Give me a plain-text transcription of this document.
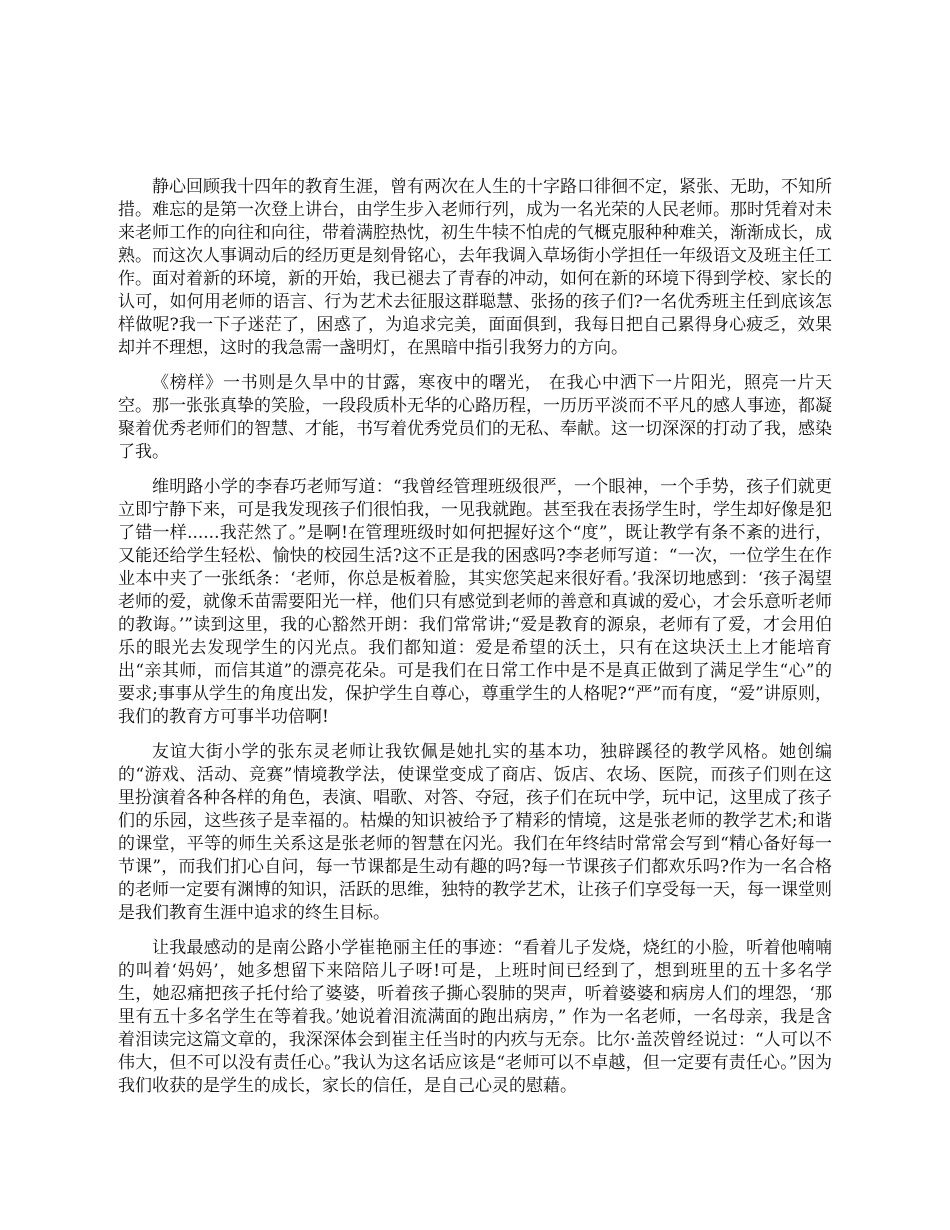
静心回顾我十四年的教育生涯，曾有两次在人生的十字路口徘徊不定，紧张、无助，不知所措。难忘的是第一次登上讲台，由学生步入老师行列，成为一名光荣的人民老师。那时凭着对未来老师工作的向往和向往，带着满腔热忱，初生牛犊不怕虎的气概克服种种难关，渐渐成长，成熟。而这次人事调动后的经历更是刻骨铭心，去年我调入草场街小学担任一年级语文及班主任工作。面对着新的环境，新的开始，我已褪去了青春的冲动，如何在新的环境下得到学校、家长的认可，如何用老师的语言、行为艺术去征服这群聪慧、张扬的孩子们?一名优秀班主任到底该怎样做呢?我一下子迷茫了，困惑了，为追求完美，面面俱到，我每日把自己累得身心疲乏，效果却并不理想，这时的我急需一盏明灯，在黑暗中指引我努力的方向。

《榜样》一书则是久旱中的甘露，寒夜中的曙光， 在我心中洒下一片阳光，照亮一片天空。那一张张真挚的笑脸，一段段质朴无华的心路历程，一历历平淡而不平凡的感人事迹，都凝聚着优秀老师们的智慧、才能，书写着优秀党员们的无私、奉献。这一切深深的打动了我，感染了我。

维明路小学的李春巧老师写道：“我曾经管理班级很严，一个眼神，一个手势，孩子们就更立即宁静下来，可是我发现孩子们很怕我，一见我就跑。甚至我在表扬学生时，学生却好像是犯了错一样......我茫然了。”是啊!在管理班级时如何把握好这个“度”，既让教学有条不紊的进行，又能还给学生轻松、愉快的校园生活?这不正是我的困惑吗?李老师写道：“一次，一位学生在作业本中夹了一张纸条：‘老师，你总是板着脸，其实您笑起来很好看。’我深切地感到：‘孩子渴望老师的爱，就像禾苗需要阳光一样，他们只有感觉到老师的善意和真诚的爱心，才会乐意听老师的教诲。’”读到这里，我的心豁然开朗：我们常常讲;“爱是教育的源泉，老师有了爱，才会用伯乐的眼光去发现学生的闪光点。我们都知道：爱是希望的沃土，只有在这块沃土上才能培育出“亲其师，而信其道”的漂亮花朵。可是我们在日常工作中是不是真正做到了满足学生“心”的要求;事事从学生的角度出发，保护学生自尊心，尊重学生的人格呢?“严”而有度，“爱”讲原则，我们的教育方可事半功倍啊!

友谊大街小学的张东灵老师让我钦佩是她扎实的基本功，独辟蹊径的教学风格。她创编的“游戏、活动、竞赛”情境教学法，使课堂变成了商店、饭店、农场、医院，而孩子们则在这里扮演着各种各样的角色，表演、唱歌、对答、夺冠，孩子们在玩中学，玩中记，这里成了孩子们的乐园，这些孩子是幸福的。枯燥的知识被给予了精彩的情境，这是张老师的教学艺术;和谐的课堂，平等的师生关系这是张老师的智慧在闪光。我们在年终结时常常会写到“精心备好每一节课”，而我们扪心自问，每一节课都是生动有趣的吗?每一节课孩子们都欢乐吗?作为一名合格的老师一定要有渊博的知识，活跃的思维，独特的教学艺术，让孩子们享受每一天，每一课堂则是我们教育生涯中追求的终生目标。

让我最感动的是南公路小学崔艳丽主任的事迹：“看着儿子发烧，烧红的小脸，听着他喃喃的叫着‘妈妈’，她多想留下来陪陪儿子呀!可是，上班时间已经到了，想到班里的五十多名学生，她忍痛把孩子托付给了婆婆，听着孩子撕心裂肺的哭声，听着婆婆和病房人们的埋怨，‘那里有五十多名学生在等着我。’她说着泪流满面的跑出病房，” 作为一名老师，一名母亲，我是含着泪读完这篇文章的，我深深体会到崔主任当时的内疚与无奈。比尔·盖茨曾经说过：“人可以不伟大，但不可以没有责任心。”我认为这名话应该是“老师可以不卓越，但一定要有责任心。”因为我们收获的是学生的成长，家长的信任，是自己心灵的慰藉。
